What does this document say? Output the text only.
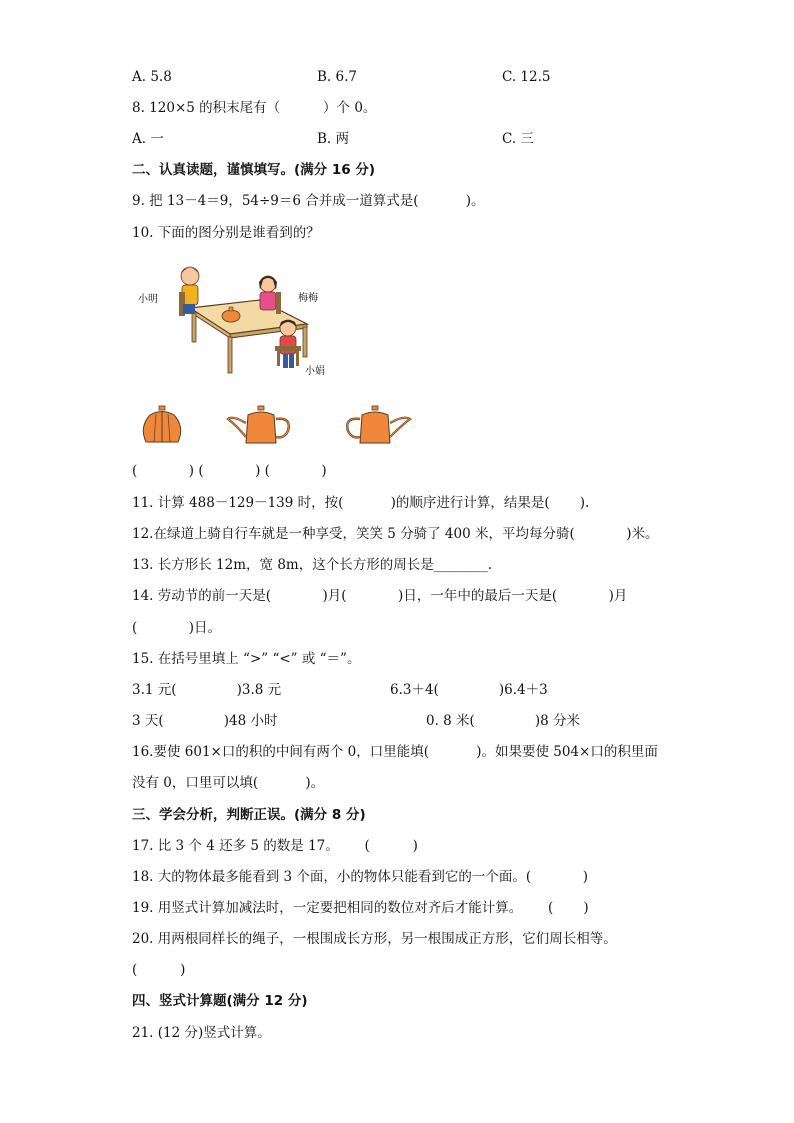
A. 5.8	B. 6.7	C. 12.5
8. 120×5 的积末尾有（          ）个 0。
A. 一	B. 两	C. 三
二、认真读题，谨慎填写。(满分 16 分)
9. 把 13－4＝9，54÷9＝6 合并成一道算式是(           )。
10. 下面的图分别是谁看到的？
小明	梅梅
小娟
(            ) (            ) (            )
11. 计算 488－129－139 时，按(           )的顺序进行计算，结果是(       ).
12.在绿道上骑自行车就是一种享受，笑笑 5 分骑了 400 米，平均每分骑(            )米。
13. 长方形长 12m，宽 8m，这个长方形的周长是________.
14. 劳动节的前一天是(            )月(            )日，一年中的最后一天是(            )月
(            )日。
15. 在括号里填上 “>” “<” 或 “＝”。
3.1 元(              )3.8 元	6.3＋4(              )6.4＋3
3 天(              )48 小时	0. 8 米(              )8 分米
16.要使 601×口的积的中间有两个 0，口里能填(           )。如果要使 504×口的积里面
没有 0，口里可以填(           )。
三、学会分析，判断正误。(满分 8 分)
17. 比 3 个 4 还多 5 的数是 17。      (          )
18. 大的物体最多能看到 3 个面，小的物体只能看到它的一个面。(            )
19. 用竖式计算加减法时，一定要把相同的数位对齐后才能计算。      (       )
20. 用两根同样长的绳子，一根围成长方形，另一根围成正方形，它们周长相等。
(          )
四、竖式计算题(满分 12 分)
21. (12 分)竖式计算。
